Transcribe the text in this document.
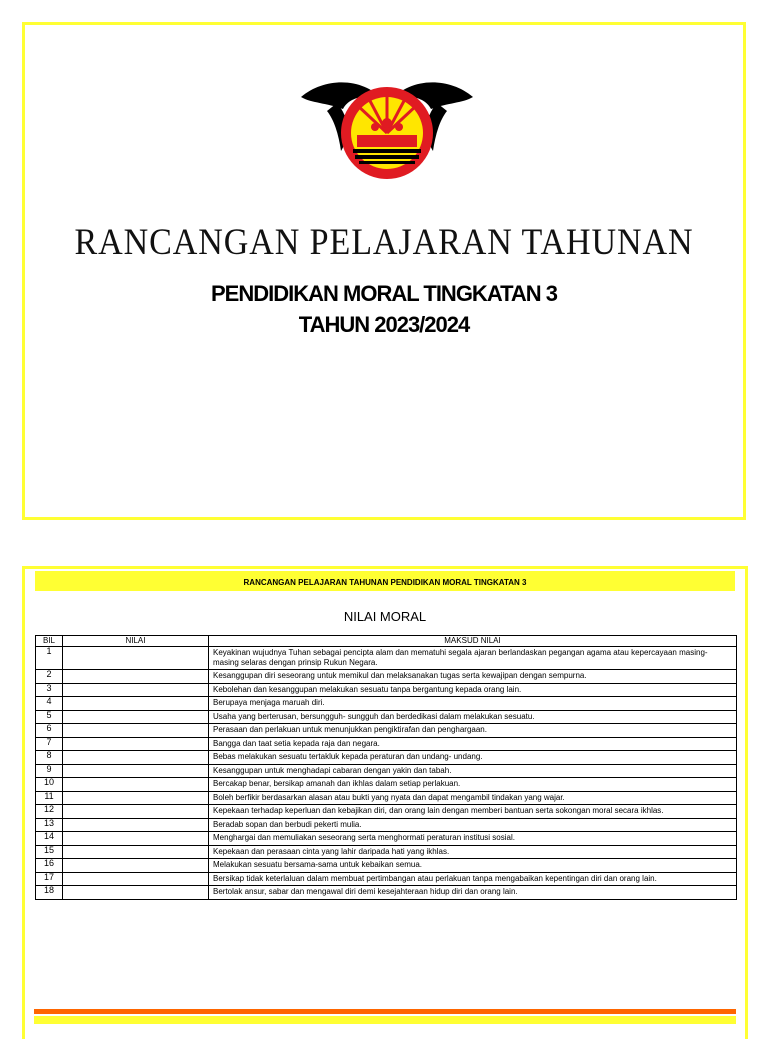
SMK SUBIS
ROHANI, JASMANI, INTELEK
RANCANGAN PELAJARAN TAHUNAN
PENDIDIKAN MORAL TINGKATAN 3
TAHUN 2023/2024
RANCANGAN PELAJARAN TAHUNAN PENDIDIKAN MORAL TINGKATAN 3
NILAI MORAL
BIL	NILAI	MAKSUD NILAI
1		Keyakinan wujudnya Tuhan sebagai pencipta alam dan mematuhi segala ajaran berlandaskan pegangan agama atau kepercayaan masing- masing selaras dengan prinsip Rukun Negara.
2		Kesanggupan diri seseorang untuk memikul dan melaksanakan tugas serta kewajipan dengan sempurna.
3		Kebolehan dan kesanggupan melakukan sesuatu tanpa bergantung kepada orang lain.
4		Berupaya menjaga maruah diri.
5		Usaha yang berterusan, bersungguh- sungguh dan berdedikasi dalam melakukan sesuatu.
6		Perasaan dan perlakuan untuk menunjukkan pengiktirafan dan penghargaan.
7		Bangga dan taat setia kepada raja dan negara.
8		Bebas melakukan sesuatu tertakluk kepada peraturan dan undang- undang.
9		Kesanggupan untuk menghadapi cabaran dengan yakin dan tabah.
10		Bercakap benar, bersikap amanah dan ikhlas dalam setiap perlakuan.
11		Boleh berfikir berdasarkan alasan atau bukti yang nyata dan dapat mengambil tindakan yang wajar.
12		Kepekaan terhadap keperluan dan kebajikan diri, dan orang lain dengan memberi bantuan serta sokongan moral secara ikhlas.
13		Beradab sopan dan berbudi pekerti mulia.
14		Menghargai dan memuliakan seseorang serta menghormati peraturan institusi sosial.
15		Kepekaan dan perasaan cinta yang lahir daripada hati yang ikhlas.
16		Melakukan sesuatu bersama-sama untuk kebaikan semua.
17		Bersikap tidak keterlaluan dalam membuat pertimbangan atau perlakuan tanpa mengabaikan kepentingan diri dan orang lain.
18		Bertolak ansur, sabar dan mengawal diri demi kesejahteraan hidup diri dan orang lain.
